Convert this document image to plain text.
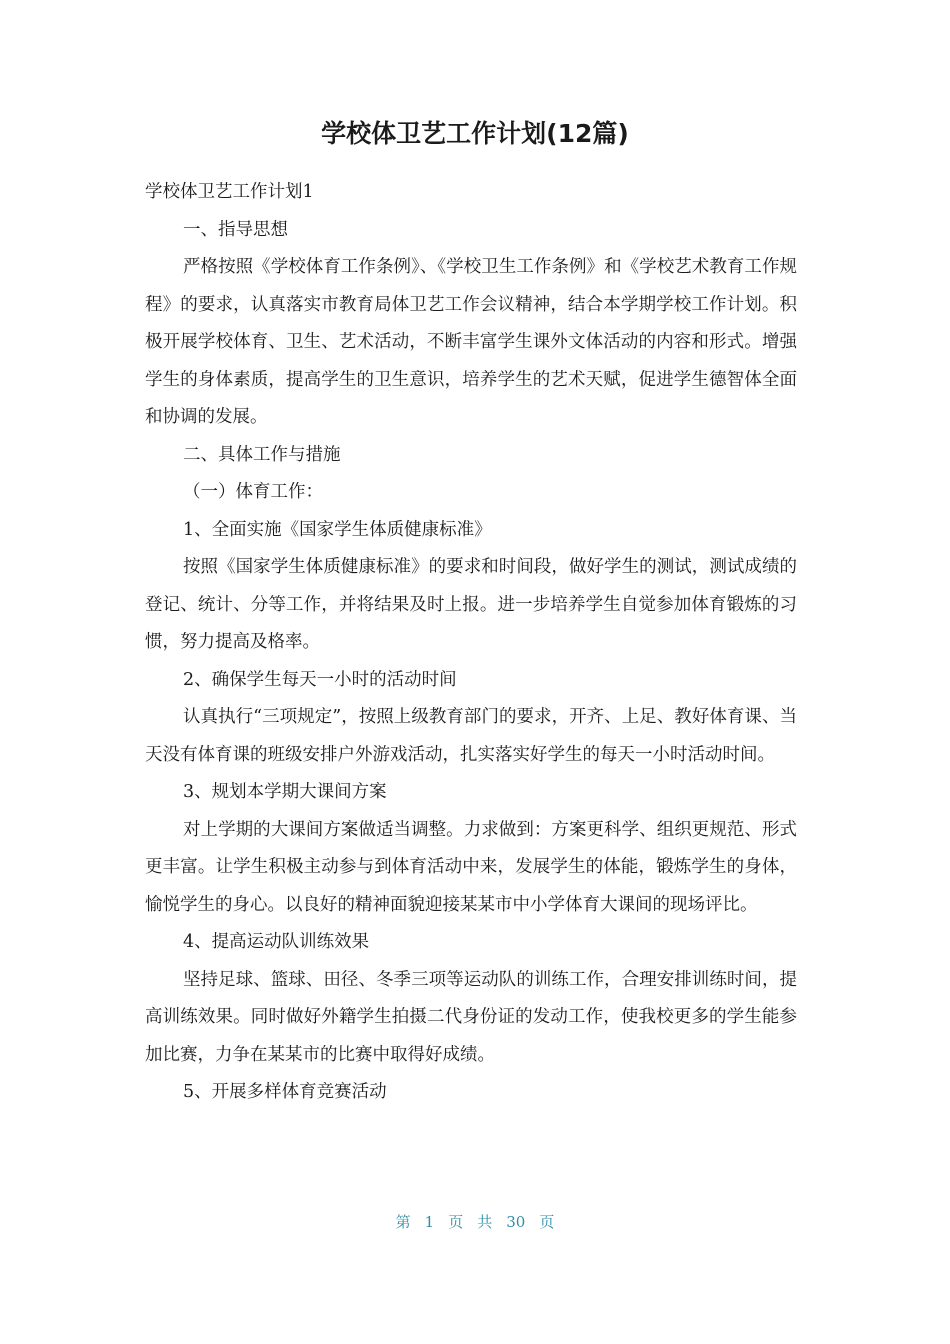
学校体卫艺工作计划(12篇)

学校体卫艺工作计划1

一、指导思想

严格按照《学校体育工作条例》、《学校卫生工作条例》和《学校艺术教育工作规程》的要求，认真落实市教育局体卫艺工作会议精神，结合本学期学校工作计划。积极开展学校体育、卫生、艺术活动，不断丰富学生课外文体活动的内容和形式。增强学生的身体素质，提高学生的卫生意识，培养学生的艺术天赋，促进学生德智体全面和协调的发展。

二、具体工作与措施

（一）体育工作：

1、全面实施《国家学生体质健康标准》

按照《国家学生体质健康标准》的要求和时间段，做好学生的测试，测试成绩的登记、统计、分等工作，并将结果及时上报。进一步培养学生自觉参加体育锻炼的习惯，努力提高及格率。

2、确保学生每天一小时的活动时间

认真执行“三项规定”，按照上级教育部门的要求，开齐、上足、教好体育课、当天没有体育课的班级安排户外游戏活动，扎实落实好学生的每天一小时活动时间。

3、规划本学期大课间方案

对上学期的大课间方案做适当调整。力求做到：方案更科学、组织更规范、形式更丰富。让学生积极主动参与到体育活动中来，发展学生的体能，锻炼学生的身体，愉悦学生的身心。以良好的精神面貌迎接某某市中小学体育大课间的现场评比。

4、提高运动队训练效果

坚持足球、篮球、田径、冬季三项等运动队的训练工作，合理安排训练时间，提高训练效果。同时做好外籍学生拍摄二代身份证的发动工作，使我校更多的学生能参加比赛，力争在某某市的比赛中取得好成绩。

5、开展多样体育竞赛活动

第 1 页 共 30 页
